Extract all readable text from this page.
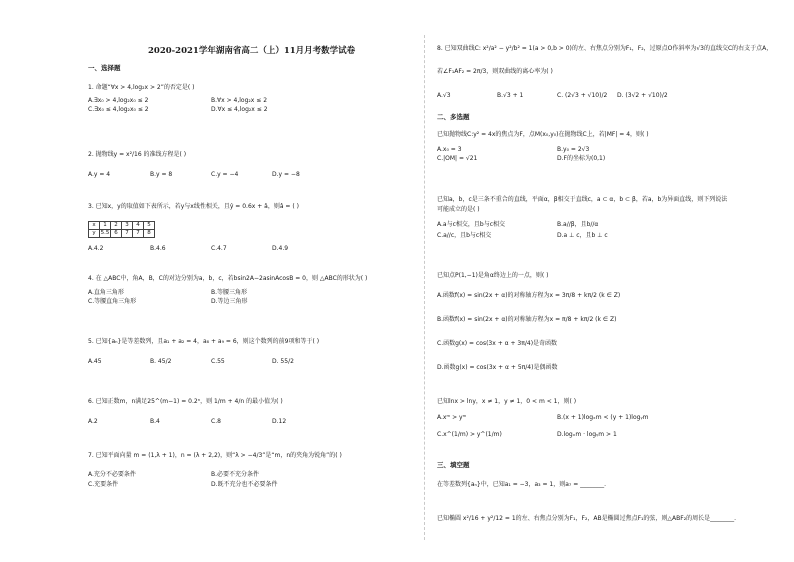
2020-2021学年湖南省高二（上）11月月考数学试卷
一、选择题
1. 命题“∀x > 4,log₂x > 2”的否定是( )
A.∃x₀ > 4,log₂x₀ ≤ 2	B.∀x > 4,log₂x ≤ 2
C.∃x₀ ≤ 4,log₂x₀ ≤ 2	D.∀x ≤ 4,log₂x ≤ 2
2. 抛物线y = x²/16 的准线方程是( )
A.y = 4	B.y = 8	C.y = −4	D.y = −8
3. 已知x，y的取值如下表所示，若y与x线性相关，且ŷ = 0.6x + â，则â = ( )
x	1	2	3	4	5
y	5.5	6	7	7	8
A.4.2	B.4.6	C.4.7	D.4.9
4. 在 △ABC中，角A，B，C的对边分别为a，b，c，若bsin2A−2asinAcosB = 0，则 △ABC的形状为( )
A.直角三角形	B.等腰三角形
C.等腰直角三角形	D.等边三角形
5. 已知{aₙ}是等差数列，且a₁ + a₂ = 4，a₈ + a₉ = 6，则这个数列的前9项和等于( )
A.45	B. 45/2	C.55	D. 55/2
6. 已知正数m，n满足25^(m−1) = 0.2ⁿ，则 1/m + 4/n 的最小值为( )
A.2	B.4	C.8	D.12
7. 已知平面向量 m = (1,λ + 1)，n = (λ + 2,2)，则“λ > −4/3”是“m，n的夹角为锐角”的( )
A.充分不必要条件	B.必要不充分条件
C.充要条件	D.既不充分也不必要条件
8. 已知双曲线C: x²/a² − y²/b² = 1(a > 0,b > 0)的左、右焦点分别为F₁，F₂，过原点O作斜率为√3的直线交C的右支于点A，
若∠F₁AF₂ = 2π/3，则双曲线的离心率为( )
A.√3	B.√3 + 1	C. (2√3 + √10)/2 D. (3√2 + √10)/2
二、多选题
已知抛物线C:y² = 4x的焦点为F，点M(x₀,y₀)在抛物线C上，若|MF| = 4，则( )
A.x₀ = 3	B.y₀ = 2√3
C.|OM| = √21	D.F的坐标为(0,1)
已知a，b，c是三条不重合的直线，平面α，β相交于直线c，a ⊂ α，b ⊂ β，若a，b为异面直线，则下列说法
可能成立的是( )
A.a与c相交，且b与c相交	B.a//β，且b//α
C.a//c，且b与c相交	D.a ⊥ c，且b ⊥ c
已知点P(1,−1)是角α终边上的一点，则( )
A.函数f(x) = sin(2x + α)的对称轴方程为x = 3π/8 + kπ/2 (k ∈ Z)
B.函数f(x) = sin(2x + α)的对称轴方程为x = π/8 + kπ/2 (k ∈ Z)
C.函数g(x) = cos(3x + α + 3π/4)是奇函数
D.函数g(x) = cos(3x + α + 5π/4)是偶函数
已知lnx > lny，x ≠ 1，y ≠ 1，0 < m < 1，则( )
A.xᵐ > yᵐ	B.(x + 1)logₓm < (y + 1)logᵧm
C.x^(1/m) > y^(1/m)	D.logₓm · logᵧm > 1
三、填空题
在等差数列{aₙ}中，已知a₁ = −3，a₃ = 1，则a₇ = ________.
已知椭圆 x²/16 + y²/12 = 1的左、右焦点分别为F₁，F₂，AB是椭圆过焦点F₁的弦，则△ABF₂的周长是________.
